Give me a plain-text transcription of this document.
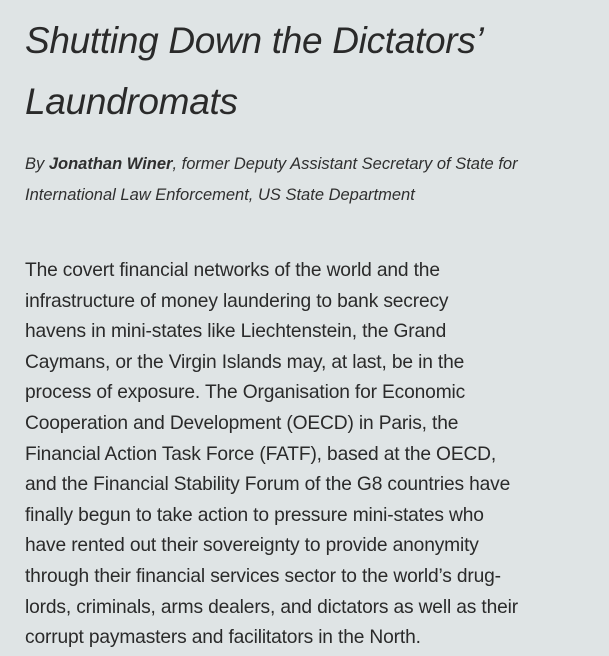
Shutting Down the Dictators’
Laundromats

By Jonathan Winer, former Deputy Assistant Secretary of State for
International Law Enforcement, US State Department

The covert financial networks of the world and the
infrastructure of money laundering to bank secrecy
havens in mini-states like Liechtenstein, the Grand
Caymans, or the Virgin Islands may, at last, be in the
process of exposure. The Organisation for Economic
Cooperation and Development (OECD) in Paris, the
Financial Action Task Force (FATF), based at the OECD,
and the Financial Stability Forum of the G8 countries have
finally begun to take action to pressure mini-states who
have rented out their sovereignty to provide anonymity
through their financial services sector to the world’s drug-
lords, criminals, arms dealers, and dictators as well as their
corrupt paymasters and facilitators in the North.
